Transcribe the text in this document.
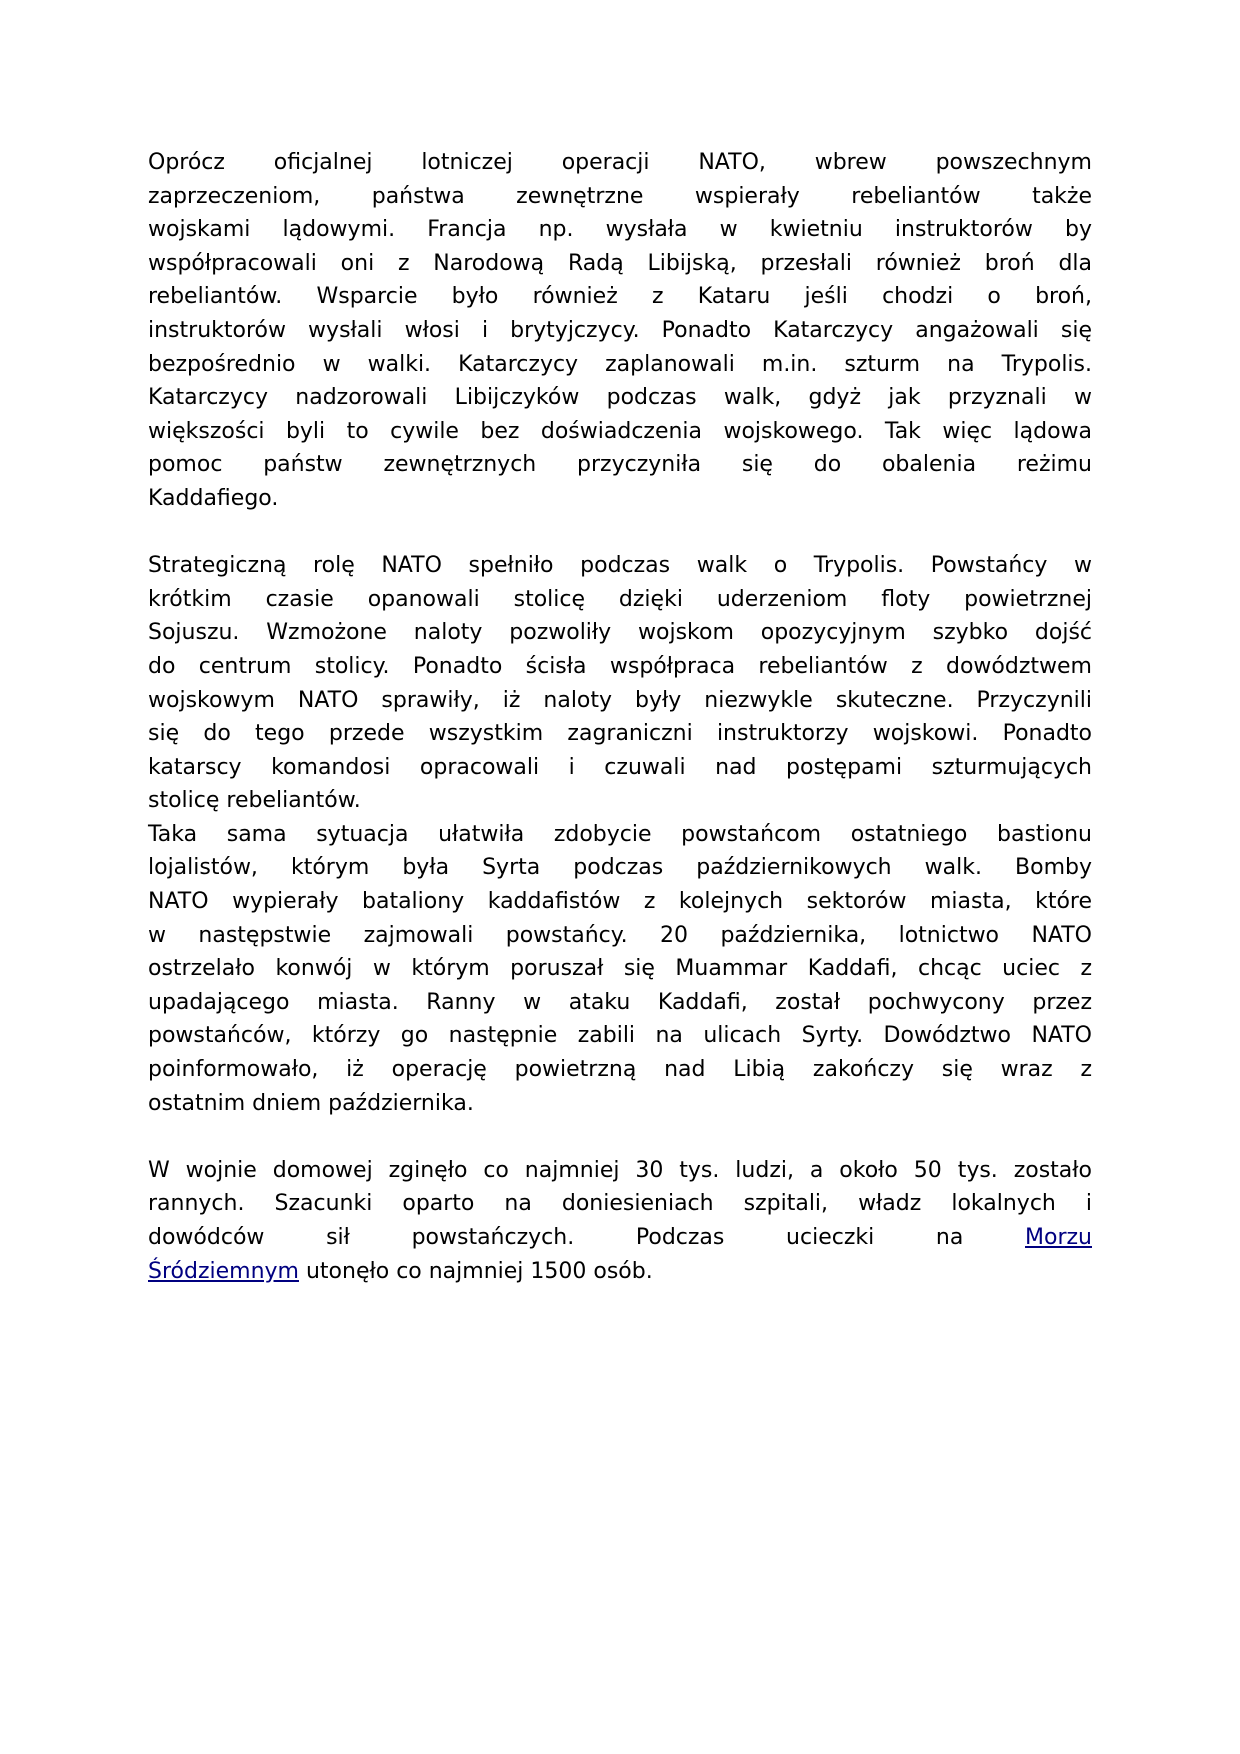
Oprócz oficjalnej lotniczej operacji NATO, wbrew powszechnym
zaprzeczeniom, państwa zewnętrzne wspierały rebeliantów także
wojskami lądowymi. Francja np. wysłała w kwietniu instruktorów by
współpracowali oni z Narodową Radą Libijską, przesłali również broń dla
rebeliantów. Wsparcie było również z Kataru jeśli chodzi o broń,
instruktorów wysłali włosi i brytyjczycy. Ponadto Katarczycy angażowali się
bezpośrednio w walki. Katarczycy zaplanowali m.in. szturm na Trypolis.
Katarczycy nadzorowali Libijczyków podczas walk, gdyż jak przyznali w
większości byli to cywile bez doświadczenia wojskowego. Tak więc lądowa
pomoc państw zewnętrznych przyczyniła się do obalenia reżimu
Kaddafiego.
Strategiczną rolę NATO spełniło podczas walk o Trypolis. Powstańcy w
krótkim czasie opanowali stolicę dzięki uderzeniom floty powietrznej
Sojuszu. Wzmożone naloty pozwoliły wojskom opozycyjnym szybko dojść
do centrum stolicy. Ponadto ścisła współpraca rebeliantów z dowództwem
wojskowym NATO sprawiły, iż naloty były niezwykle skuteczne. Przyczynili
się do tego przede wszystkim zagraniczni instruktorzy wojskowi. Ponadto
katarscy komandosi opracowali i czuwali nad postępami szturmujących
stolicę rebeliantów.
Taka sama sytuacja ułatwiła zdobycie powstańcom ostatniego bastionu
lojalistów, którym była Syrta podczas październikowych walk. Bomby
NATO wypierały bataliony kaddafistów z kolejnych sektorów miasta, które
w następstwie zajmowali powstańcy. 20 października, lotnictwo NATO
ostrzelało konwój w którym poruszał się Muammar Kaddafi, chcąc uciec z
upadającego miasta. Ranny w ataku Kaddafi, został pochwycony przez
powstańców, którzy go następnie zabili na ulicach Syrty. Dowództwo NATO
poinformowało, iż operację powietrzną nad Libią zakończy się wraz z
ostatnim dniem października.
W wojnie domowej zginęło co najmniej 30 tys. ludzi, a około 50 tys. zostało
rannych. Szacunki oparto na doniesieniach szpitali, władz lokalnych i
dowódców sił powstańczych. Podczas ucieczki na	Morzu
Śródziemnym utonęło co najmniej 1500 osób.
